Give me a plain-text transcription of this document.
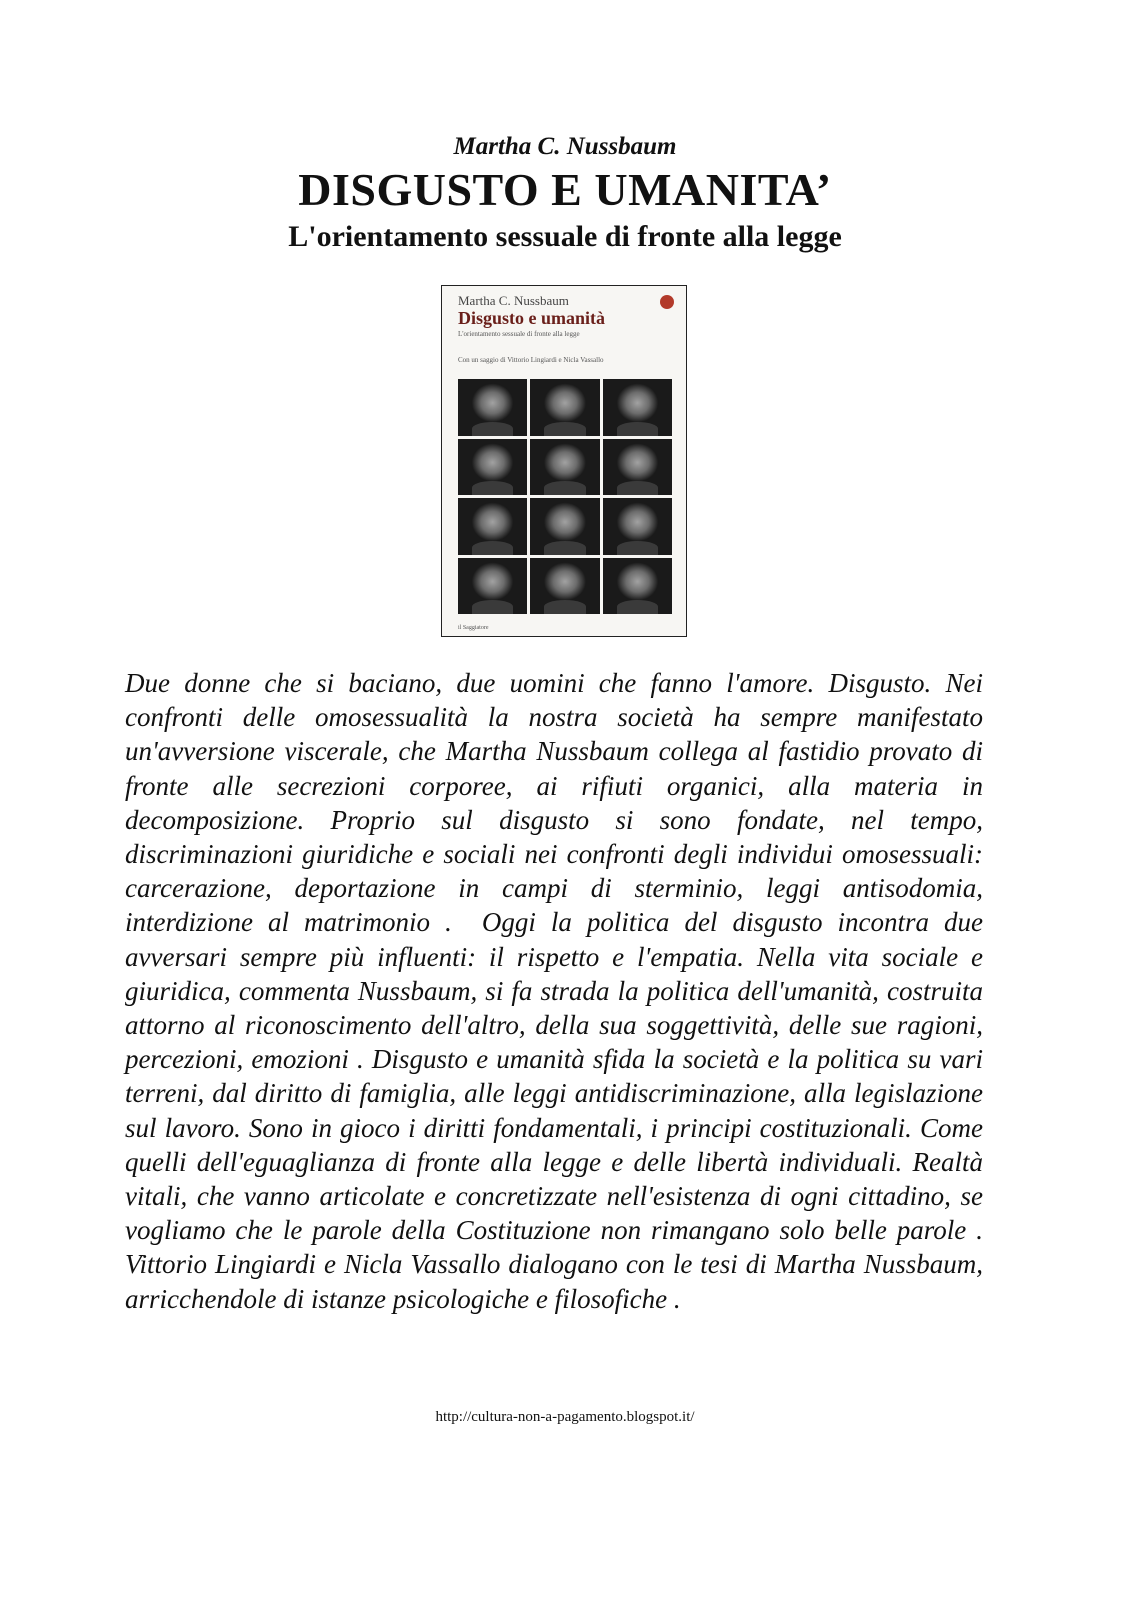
Martha C. Nussbaum
DISGUSTO E UMANITA’
L'orientamento sessuale di fronte alla legge
Martha C. Nussbaum
Disgusto e umanità
L'orientamento sessuale di fronte alla legge
Con un saggio di Vittorio Lingiardi e Nicla Vassallo
il Saggiatore
Due donne che si baciano, due uomini che fanno l'amore. Disgusto. Nei confronti delle omosessualità la nostra società ha sempre manifestato un'avversione viscerale, che Martha Nussbaum collega al fastidio provato di fronte alle secrezioni corporee, ai rifiuti organici, alla materia in decomposizione. Proprio sul disgusto si sono fondate, nel tempo, discriminazioni giuridiche e sociali nei confronti degli individui omosessuali: carcerazione, deportazione in campi di sterminio, leggi antisodomia, interdizione al matrimonio .  Oggi la politica del disgusto incontra due avversari sempre più influenti: il rispetto e l'empatia. Nella vita sociale e giuridica, commenta Nussbaum, si fa strada la politica dell'umanità, costruita attorno al riconoscimento dell'altro, della sua soggettività, delle sue ragioni, percezioni, emozioni . Disgusto e umanità sfida la società e la politica su vari terreni, dal diritto di famiglia, alle leggi antidiscriminazione, alla legislazione sul lavoro. Sono in gioco i diritti fondamentali, i principi costituzionali. Come quelli dell'eguaglianza di fronte alla legge e delle libertà individuali. Realtà vitali, che vanno articolate e concretizzate nell'esistenza di ogni cittadino, se vogliamo che le parole della Costituzione non rimangano solo belle parole . Vittorio Lingiardi e Nicla Vassallo dialogano con le tesi di Martha Nussbaum, arricchendole di istanze psicologiche e filosofiche .
http://cultura-non-a-pagamento.blogspot.it/
